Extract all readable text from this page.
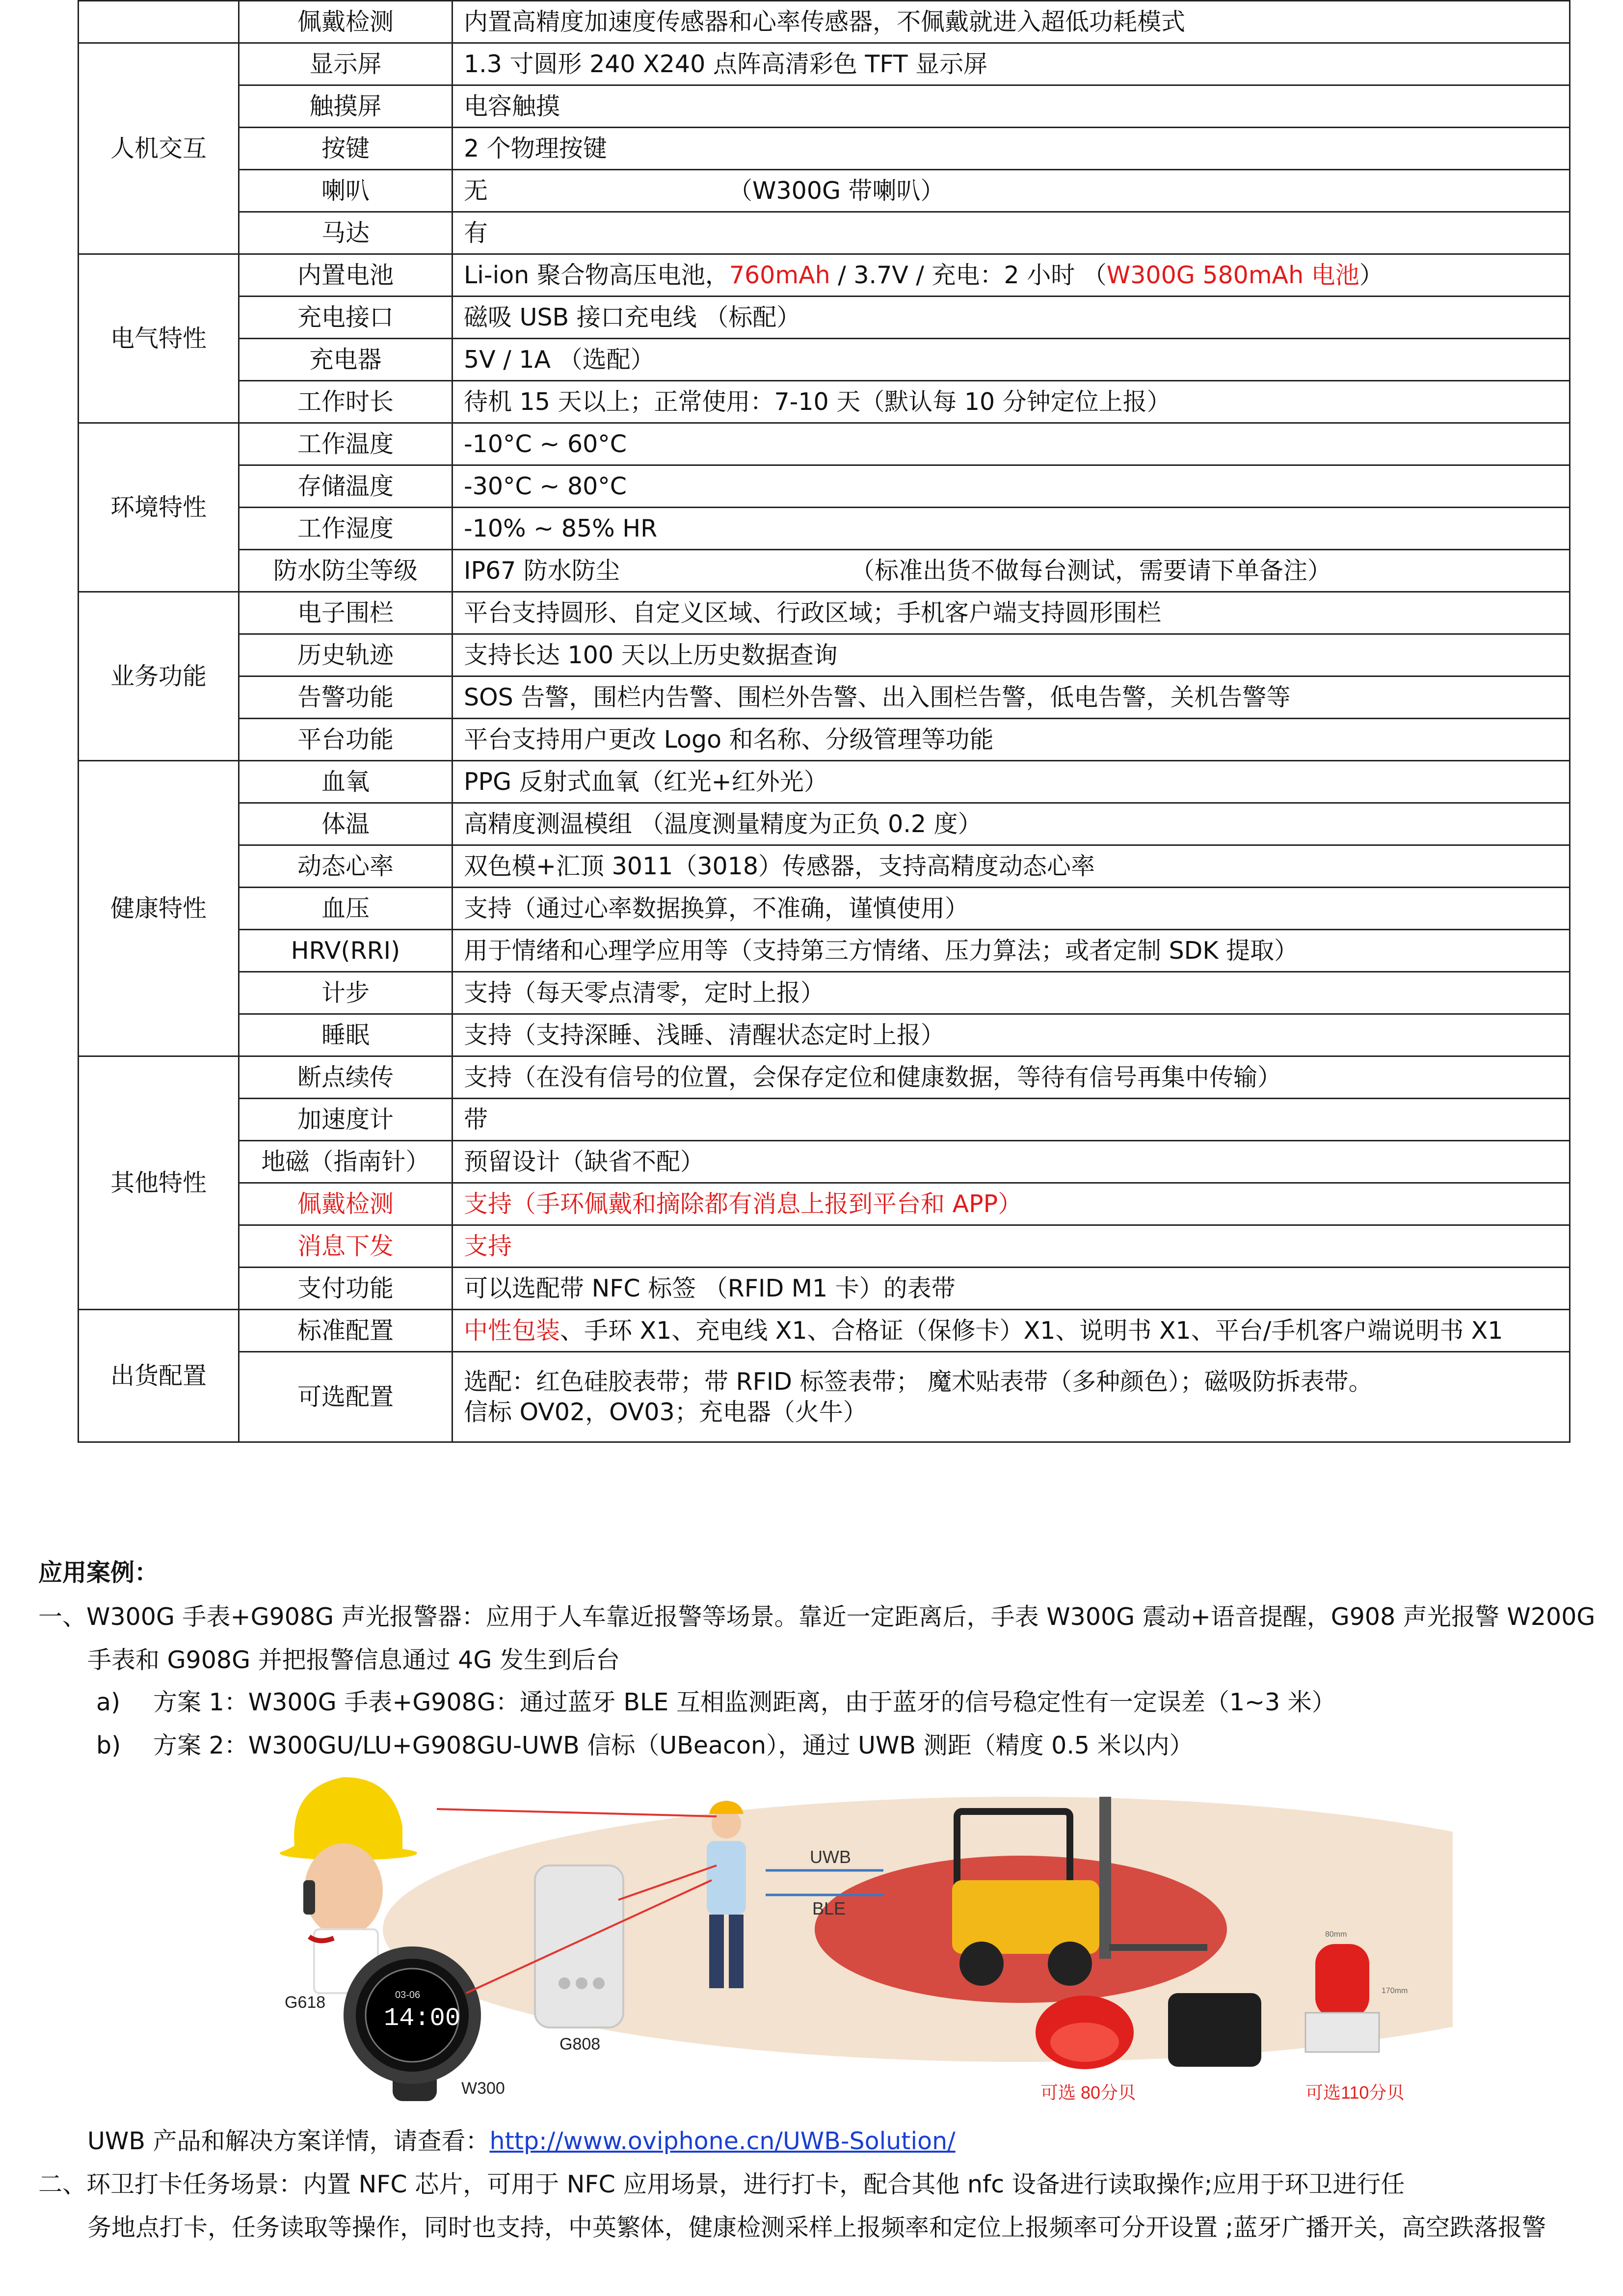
	佩戴检测	内置高精度加速度传感器和心率传感器，不佩戴就进入超低功耗模式
人机交互	显示屏	1.3 寸圆形 240 X240 点阵高清彩色 TFT 显示屏
	触摸屏	电容触摸
	按键	2 个物理按键
	喇叭	无 （W300G 带喇叭）
	马达	有
电气特性	内置电池	Li-ion 聚合物高压电池，760mAh / 3.7V / 充电：2 小时 （W300G 580mAh 电池）
	充电接口	磁吸 USB 接口充电线 （标配）
	充电器	5V / 1A （选配）
	工作时长	待机 15 天以上；正常使用：7-10 天（默认每 10 分钟定位上报）
环境特性	工作温度	-10°C ~ 60°C
	存储温度	-30°C ~ 80°C
	工作湿度	-10% ~ 85% HR
	防水防尘等级	IP67 防水防尘 （标准出货不做每台测试，需要请下单备注）
业务功能	电子围栏	平台支持圆形、自定义区域、行政区域；手机客户端支持圆形围栏
	历史轨迹	支持长达 100 天以上历史数据查询
	告警功能	SOS 告警，围栏内告警、围栏外告警、出入围栏告警，低电告警，关机告警等
	平台功能	平台支持用户更改 Logo 和名称、分级管理等功能
健康特性	血氧	PPG 反射式血氧（红光+红外光）
	体温	高精度测温模组 （温度测量精度为正负 0.2 度）
	动态心率	双色模+汇顶 3011（3018）传感器，支持高精度动态心率
	血压	支持（通过心率数据换算，不准确，谨慎使用）
	HRV(RRI)	用于情绪和心理学应用等（支持第三方情绪、压力算法；或者定制 SDK 提取）
	计步	支持（每天零点清零，定时上报）
	睡眠	支持（支持深睡、浅睡、清醒状态定时上报）
其他特性	断点续传	支持（在没有信号的位置，会保存定位和健康数据，等待有信号再集中传输）
	加速度计	带
	地磁（指南针）	预留设计（缺省不配）
	佩戴检测	支持（手环佩戴和摘除都有消息上报到平台和 APP）
	消息下发	支持
	支付功能	可以选配带 NFC 标签 （RFID M1 卡）的表带
出货配置	标准配置	中性包装、手环 X1、充电线 X1、合格证（保修卡）X1、说明书 X1、平台/手机客户端说明书 X1
	可选配置	选配：红色硅胶表带；带 RFID 标签表带； 魔术贴表带（多种颜色）；磁吸防拆表带。
信标 OV02，OV03；充电器（火牛）
应用案例：
一、W300G 手表+G908G 声光报警器：应用于人车靠近报警等场景。靠近一定距离后，手表 W300G 震动+语音提醒，G908 声光报警 W200G
手表和 G908G 并把报警信息通过 4G 发生到后台
a) 方案 1：W300G 手表+G908G：通过蓝牙 BLE 互相监测距离，由于蓝牙的信号稳定性有一定误差（1~3 米）
b) 方案 2：W300GU/LU+G908GU-UWB 信标（UBeacon），通过 UWB 测距（精度 0.5 米以内）
UWB 产品和解决方案详情，请查看：http://www.oviphone.cn/UWB-Solution/
二、环卫打卡任务场景：内置 NFC 芯片，可用于 NFC 应用场景，进行打卡，配合其他 nfc 设备进行读取操作;应用于环卫进行任
务地点打卡，任务读取等操作，同时也支持，中英繁体，健康检测采样上报频率和定位上报频率可分开设置 ;蓝牙广播开关，高空跌落报警
G618	03-06
14:00
W300
G808
UWB
BLE
80mm
170mm
可选 80分贝	可选110分贝
